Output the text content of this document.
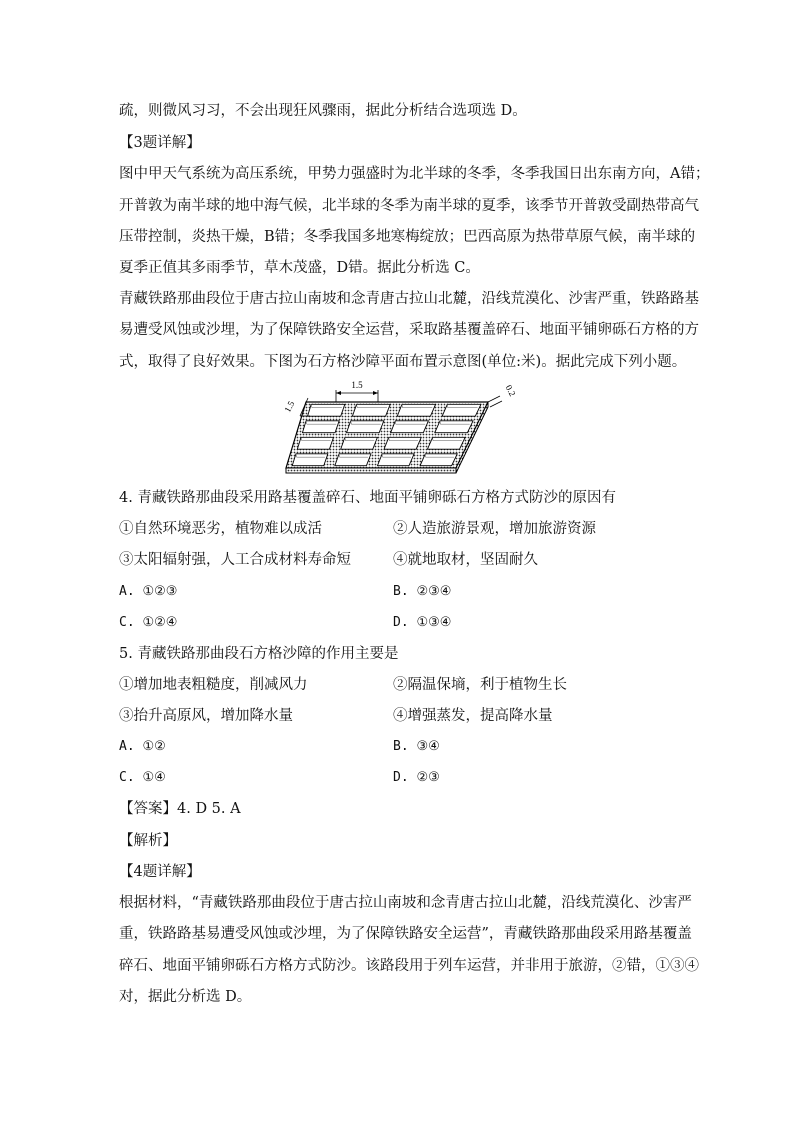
疏，则微风习习，不会出现狂风骤雨，据此分析结合选项选 D。
【3题详解】
图中甲天气系统为高压系统，甲势力强盛时为北半球的冬季，冬季我国日出东南方向，A错；
开普敦为南半球的地中海气候，北半球的冬季为南半球的夏季，该季节开普敦受副热带高气
压带控制，炎热干燥，B错；冬季我国多地寒梅绽放；巴西高原为热带草原气候，南半球的
夏季正值其多雨季节，草木茂盛，D错。据此分析选 C。
青藏铁路那曲段位于唐古拉山南坡和念青唐古拉山北麓，沿线荒漠化、沙害严重，铁路路基
易遭受风蚀或沙埋，为了保障铁路安全运营，采取路基覆盖碎石、地面平铺卵砾石方格的方
式，取得了良好效果。下图为石方格沙障平面布置示意图(单位:米)。据此完成下列小题。
1.5
1.5
0.2
4. 青藏铁路那曲段采用路基覆盖碎石、地面平铺卵砾石方格方式防沙的原因有
①自然环境恶劣，植物难以成活	②人造旅游景观，增加旅游资源
③太阳辐射强，人工合成材料寿命短	④就地取材，坚固耐久
A. ①②③	B. ②③④
C. ①②④	D. ①③④
5. 青藏铁路那曲段石方格沙障的作用主要是
①增加地表粗糙度，削减风力	②隔温保墒，利于植物生长
③抬升高原风，增加降水量	④增强蒸发，提高降水量
A. ①②	B. ③④
C. ①④	D. ②③
【答案】4. D 5. A
【解析】
【4题详解】
根据材料，“青藏铁路那曲段位于唐古拉山南坡和念青唐古拉山北麓，沿线荒漠化、沙害严
重，铁路路基易遭受风蚀或沙埋，为了保障铁路安全运营”，青藏铁路那曲段采用路基覆盖
碎石、地面平铺卵砾石方格方式防沙。该路段用于列车运营，并非用于旅游，②错，①③④
对，据此分析选 D。
